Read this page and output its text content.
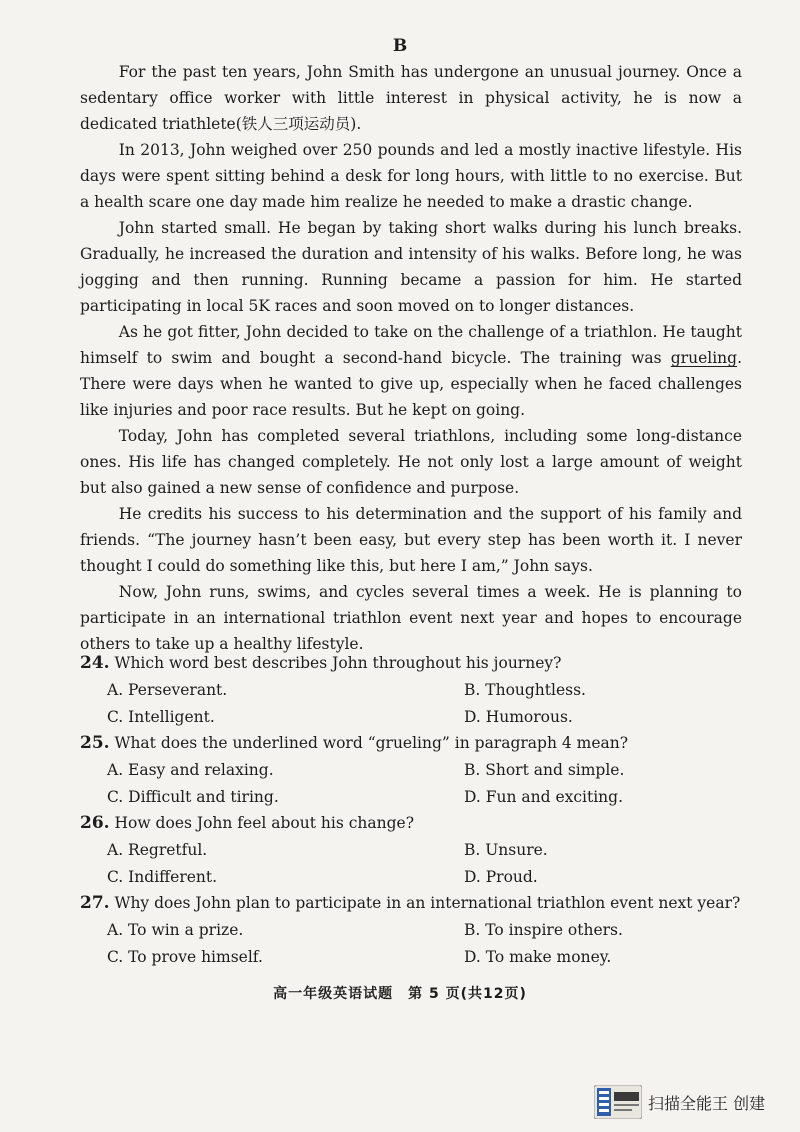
B

For the past ten years, John Smith has undergone an unusual journey. Once a sedentary office worker with little interest in physical activity, he is now a dedicated triathlete(铁人三项运动员).

In 2013, John weighed over 250 pounds and led a mostly inactive lifestyle. His days were spent sitting behind a desk for long hours, with little to no exercise. But a health scare one day made him realize he needed to make a drastic change.

John started small. He began by taking short walks during his lunch breaks. Gradually, he increased the duration and intensity of his walks. Before long, he was jogging and then running. Running became a passion for him. He started participating in local 5K races and soon moved on to longer distances.

As he got fitter, John decided to take on the challenge of a triathlon. He taught himself to swim and bought a second-hand bicycle. The training was grueling. There were days when he wanted to give up, especially when he faced challenges like injuries and poor race results. But he kept on going.

Today, John has completed several triathlons, including some long-distance ones. His life has changed completely. He not only lost a large amount of weight but also gained a new sense of confidence and purpose.

He credits his success to his determination and the support of his family and friends. “The journey hasn’t been easy, but every step has been worth it. I never thought I could do something like this, but here I am,” John says.

Now, John runs, swims, and cycles several times a week. He is planning to participate in an international triathlon event next year and hopes to encourage others to take up a healthy lifestyle.

24. Which word best describes John throughout his journey?
A. Perseverant.	B. Thoughtless.
C. Intelligent.	D. Humorous.
25. What does the underlined word “grueling” in paragraph 4 mean?
A. Easy and relaxing.	B. Short and simple.
C. Difficult and tiring.	D. Fun and exciting.
26. How does John feel about his change?
A. Regretful.	B. Unsure.
C. Indifferent.	D. Proud.
27. Why does John plan to participate in an international triathlon event next year?
A. To win a prize.	B. To inspire others.
C. To prove himself.	D. To make money.
高一年级英语试题　第 5 页(共12页)
扫描全能王 创建
